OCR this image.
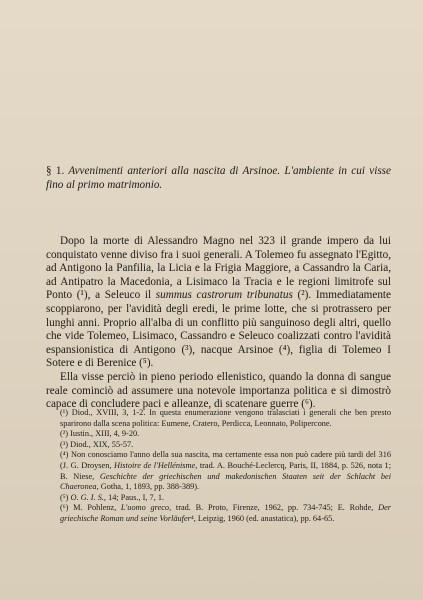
§ 1. Avvenimenti anteriori alla nascita di Arsinoe. L'ambiente in cui visse fino al primo matrimonio.

Dopo la morte di Alessandro Magno nel 323 il grande impero da lui conquistato venne diviso fra i suoi generali. A Tolemeo fu assegnato l'Egitto, ad Antigono la Panfilia, la Licia e la Frigia Maggiore, a Cassandro la Caria, ad Antipatro la Macedonia, a Lisimaco la Tracia e le regioni limitrofe sul Ponto (¹), a Seleuco il summus castrorum tribunatus (²). Immediatamente scoppiarono, per l'avidità degli eredi, le prime lotte, che si protrassero per lunghi anni. Proprio all'alba di un conflitto più sanguinoso degli altri, quello che vide Tolemeo, Lisimaco, Cassandro e Seleuco coalizzati contro l'avidità espansionistica di Antigono (³), nacque Arsinoe (⁴), figlia di Tolemeo I Sotere e di Berenice (⁵).

Ella visse perciò in pieno periodo ellenistico, quando la donna di sangue reale cominciò ad assumere una notevole importanza politica e si dimostrò capace di concludere paci e alleanze, di scatenare guerre (⁶).

(¹) Diod., XVIII, 3, 1-2. In questa enumerazione vengono tralasciati i generali che ben presto sparirono dalla scena politica: Eumene, Cratero, Perdicca, Leonnato, Polipercone.

(²) Iustin., XIII, 4, 9-20.

(³) Diod., XIX, 55-57.

(⁴) Non conosciamo l'anno della sua nascita, ma certamente essa non può cadere più tardi del 316 (J. G. Droysen, Histoire de l'Hellénisme, trad. A. Bouché-Leclercq, Paris, II, 1884, p. 526, nota 1; B. Niese, Geschichte der griechischen und makedonischen Staaten seit der Schlacht bei Chaeronea, Gotha, 1, 1893, pp. 388-389).

(⁵) O. G. I. S., 14; Paus., I, 7, 1.

(⁶) M. Pohlenz, L'uomo greco, trad. B. Proto, Firenze, 1962, pp. 734-745; E. Rohde, Der griechische Roman und seine Vorläufer⁴, Leipzig, 1960 (ed. anastatica), pp. 64-65.
